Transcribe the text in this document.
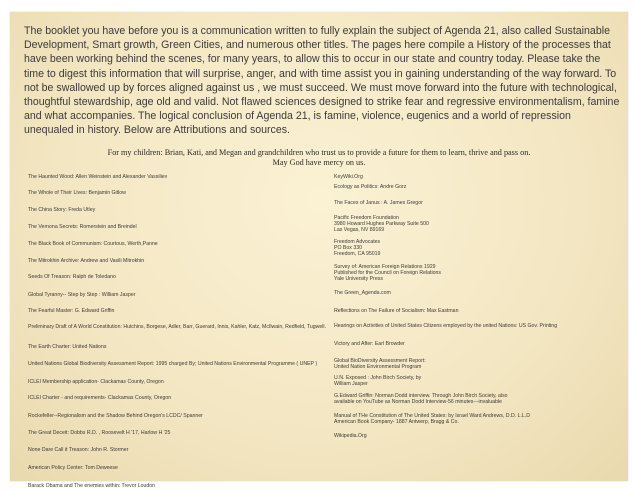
The booklet you have before you is a communication written to fully explain the subject of Agenda 21, also called Sustainable Development, Smart growth, Green Cities, and numerous other titles. The pages here compile a History of the processes that have been working behind the scenes, for many years, to allow this to occur in our state and country today. Please take the time to digest this information that will surprise, anger, and with time assist you in gaining understanding of the way forward. To not be swallowed up by forces aligned against us , we must succeed. We must move forward into the future with technological, thoughtful stewardship, age old and valid. Not flawed sciences designed to strike fear and regressive environmentalism, famine and what accompanies. The logical conclusion of Agenda 21, is famine, violence, eugenics and a world of repression unequaled in history. Below are Attributions and sources.

For my children: Brian, Kati, and Megan and grandchildren who trust us to provide a future for them to learn, thrive and pass on.
May God have mercy on us.

The Haunted Wood: Allen Weinstein and Alexander Vassiliev

The Whole of Their Lives: Benjamin Gitlow

The China Story: Freda Utley

The Vernona Secrets: Romerstein and Breindel

The Black Book of Communism: Courtous, Werth,Panne

The Mitrokhin Archive: Andrew and Vasili Mitrokhin

Seeds Of Treason: Ralph de Toledano

Global Tyranny-- Step by Step : William Jasper

The Fearful Master: G. Edward Griffin

Preliminary Draft of A World Constitution: Hutchins, Borgese, Adler, Barr, Guerard, Innis, Kahler, Katz, McIlwain, Redfield, Tugwell.

The Earth Charter: United Nations

United Nations Global Biodiversity Assessment Report: 1995 charged By; United Nations Environmental Programme ( UNEP )

ICLEI Membership application- Clackamas County, Oregon

ICLEI Charter - and requirements- Clackamas County, Oregon

Rockefeller--Regionalism and the Shadow Behind Oregon's LCDC/ Spanner

The Great Deceit: Dobbs R.D. , Roosevelt H '17, Harlow H '25

None Dare Call it Treason: John R. Stormer

American Policy Center: Tom Deweese

Barack Obama and The enemies within: Trevor Loudon

KeyWiki.Org

Ecology as Politics: Andre Gorz

The Faces of Janus : A. James Gregor

Pacific Freedom Foundation
3980 Howard Hughes Parkway Suite 500
Las Vegas, NV 89169

Freedom Advocates
PO Box 330
Freedom, CA 95019

Survey of: American Foreign Relations 1929
Published for the Council on Foreign Relations
Yale University Press

The Green_Agenda.com

Reflections on The Failure of Socialism: Max Eastman

Hearings on Activities of United States Citizens employed by the united Nations: US Gov. Printing

Victory and After: Earl Browder

Global BioDiversity Assessment Report:
United Nation Environmental Program

U.N. Exposed : John Birch Society, by
William Jasper

G.Edward Griffin: Norman Dodd interview. Through John Birch Society, also
available on YouTube as Norman Dodd Interview-56 minutes---invaluable

Manual of THe Constitution of The United States: by Israel Ward Andrews, D.D. L.L.D
American Book Company- 1887 Antwerp, Bragg & Co.

Wikipedia.Org
